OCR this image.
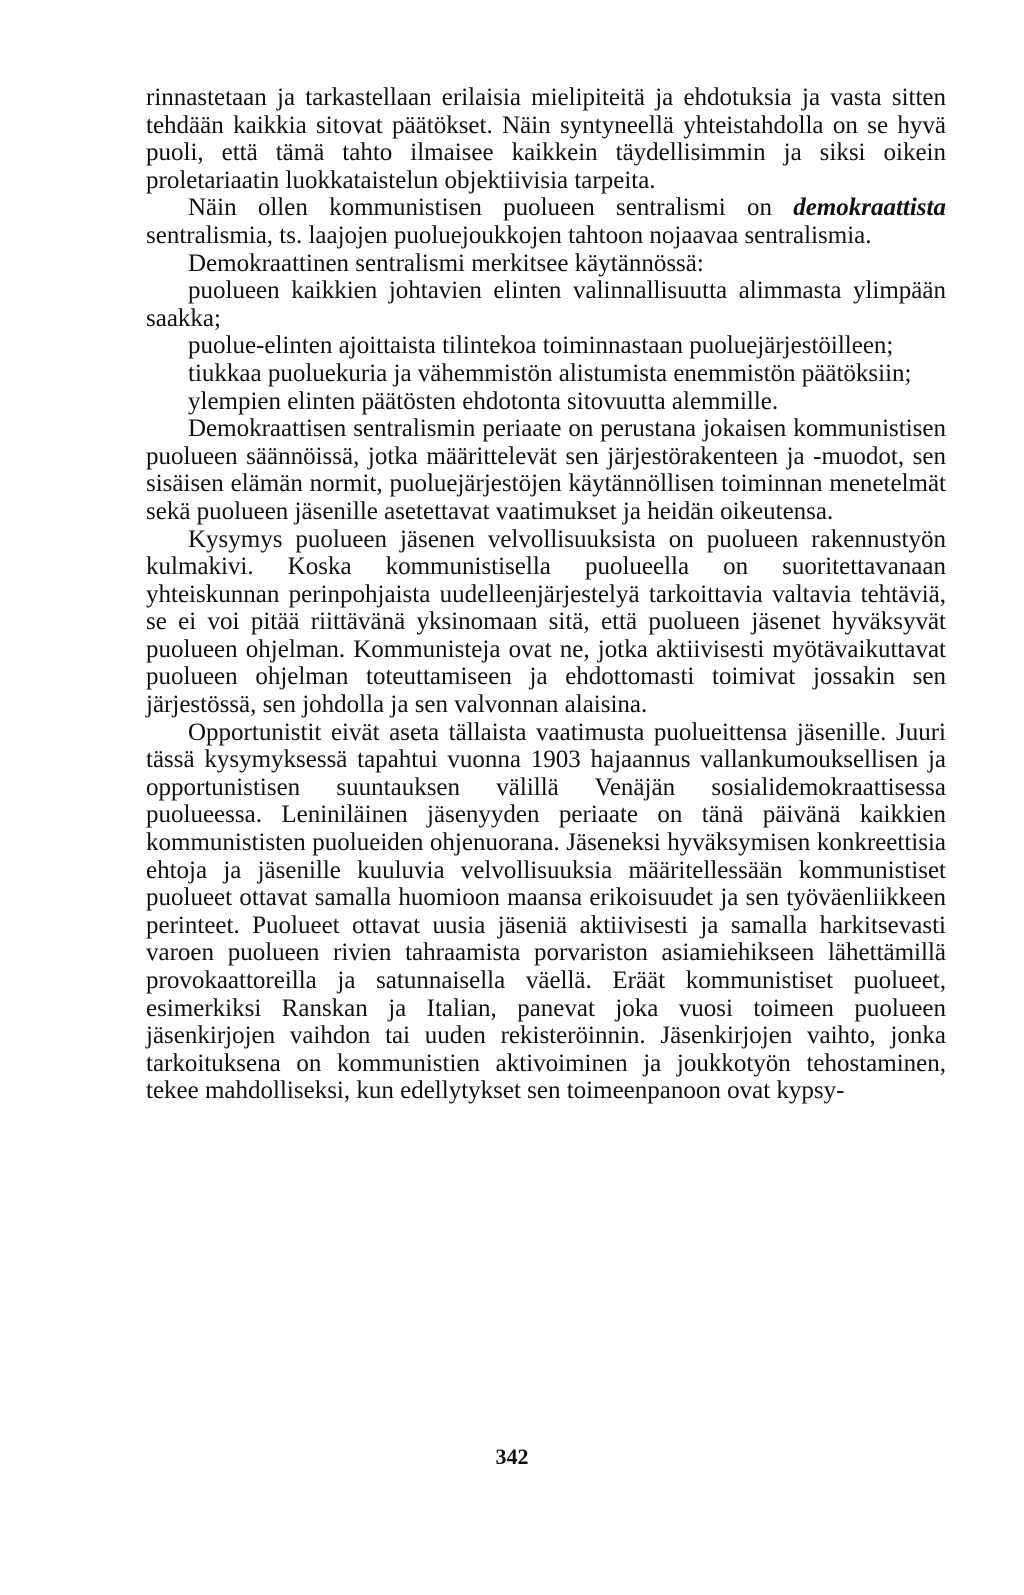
rinnastetaan ja tarkastellaan erilaisia mielipiteitä ja ehdotuksia ja vasta sitten tehdään kaikkia sitovat päätökset. Näin syntyneellä yhteistahdolla on se hyvä puoli, että tämä tahto ilmaisee kaikkein täydellisimmin ja siksi oikein proletariaatin luokkataistelun objektiivisia tarpeita.

Näin ollen kommunistisen puolueen sentralismi on demokraattista sentralismia, ts. laajojen puoluejoukkojen tahtoon nojaavaa sentralismia.

Demokraattinen sentralismi merkitsee käytännössä:

puolueen kaikkien johtavien elinten valinnallisuutta alimmasta ylimpään saakka;

puolue-elinten ajoittaista tilintekoa toiminnastaan puoluejärjestöilleen;

tiukkaa puoluekuria ja vähemmistön alistumista enemmistön päätöksiin;

ylempien elinten päätösten ehdotonta sitovuutta alemmille.

Demokraattisen sentralismin periaate on perustana jokaisen kommunistisen puolueen säännöissä, jotka määrittelevät sen järjestörakenteen ja -muodot, sen sisäisen elämän normit, puoluejärjestöjen käytännöllisen toiminnan menetelmät sekä puolueen jäsenille asetettavat vaatimukset ja heidän oikeutensa.

Kysymys puolueen jäsenen velvollisuuksista on puolueen rakennustyön kulmakivi. Koska kommunistisella puolueella on suoritettavanaan yhteiskunnan perinpohjaista uudelleenjärjestelyä tarkoittavia valtavia tehtäviä, se ei voi pitää riittävänä yksinomaan sitä, että puolueen jäsenet hyväksyvät puolueen ohjelman. Kommunisteja ovat ne, jotka aktiivisesti myötävaikuttavat puolueen ohjelman toteuttamiseen ja ehdottomasti toimivat jossakin sen järjestössä, sen johdolla ja sen valvonnan alaisina.

Opportunistit eivät aseta tällaista vaatimusta puolueittensa jäsenille. Juuri tässä kysymyksessä tapahtui vuonna 1903 hajaannus vallankumouksellisen ja opportunistisen suuntauksen välillä Venäjän sosialidemokraattisessa puolueessa. Leniniläinen jäsenyyden periaate on tänä päivänä kaikkien kommunististen puolueiden ohjenuorana. Jäseneksi hyväksymisen konkreettisia ehtoja ja jäsenille kuuluvia velvollisuuksia määritellessään kommunistiset puolueet ottavat samalla huomioon maansa erikoisuudet ja sen työväenliikkeen perinteet. Puolueet ottavat uusia jäseniä aktiivisesti ja samalla harkitsevasti varoen puolueen rivien tahraamista porvariston asiamiehikseen lähettämillä provokaattoreilla ja satunnaisella väellä. Eräät kommunistiset puolueet, esimerkiksi Ranskan ja Italian, panevat joka vuosi toimeen puolueen jäsenkirjojen vaihdon tai uuden rekisteröinnin. Jäsenkirjojen vaihto, jonka tarkoituksena on kommunistien aktivoiminen ja joukkotyön tehostaminen, tekee mahdolliseksi, kun edellytykset sen toimeenpanoon ovat kypsy-

342
